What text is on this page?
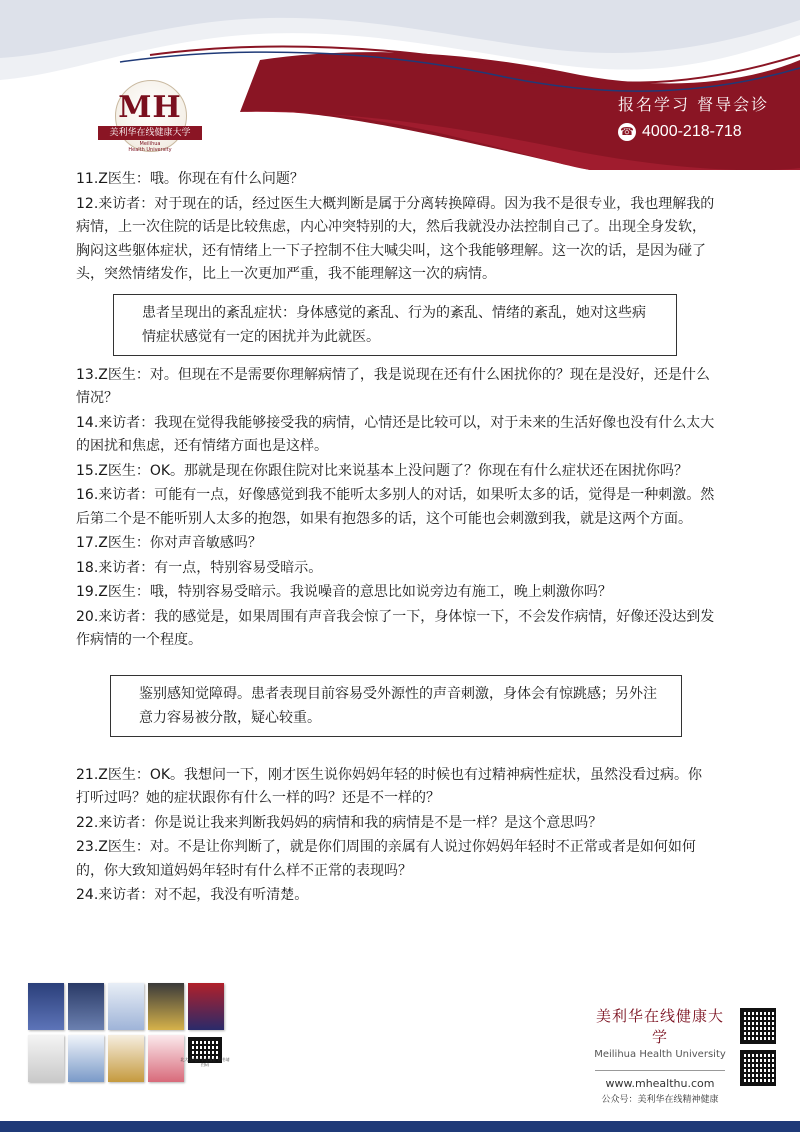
MH
美利华在线健康大学
Meilihua
Health University
报名学习 督导会诊
☎ 4000-218-718

11.Z医生：哦。你现在有什么问题？

12.来访者：对于现在的话，经过医生大概判断是属于分离转换障碍。因为我不是很专业，我也理解我的病情，上一次住院的话是比较焦虑，内心冲突特别的大，然后我就没办法控制自己了。出现全身发软，胸闷这些躯体症状，还有情绪上一下子控制不住大喊尖叫，这个我能够理解。这一次的话，是因为碰了头，突然情绪发作，比上一次更加严重，我不能理解这一次的病情。

患者呈现出的紊乱症状：身体感觉的紊乱、行为的紊乱、情绪的紊乱，她对这些病情症状感觉有一定的困扰并为此就医。

13.Z医生：对。但现在不是需要你理解病情了，我是说现在还有什么困扰你的？现在是没好，还是什么情况？

14.来访者：我现在觉得我能够接受我的病情，心情还是比较可以，对于未来的生活好像也没有什么太大的困扰和焦虑，还有情绪方面也是这样。

15.Z医生：OK。那就是现在你跟住院对比来说基本上没问题了？你现在有什么症状还在困扰你吗？

16.来访者：可能有一点，好像感觉到我不能听太多别人的对话，如果听太多的话，觉得是一种刺激。然后第二个是不能听别人太多的抱怨，如果有抱怨多的话，这个可能也会刺激到我，就是这两个方面。

17.Z医生：你对声音敏感吗？

18.来访者：有一点，特别容易受暗示。

19.Z医生：哦，特别容易受暗示。我说噪音的意思比如说旁边有施工，晚上刺激你吗？

20.来访者：我的感觉是，如果周围有声音我会惊了一下，身体惊一下，不会发作病情，好像还没达到发作病情的一个程度。

鉴别感知觉障碍。患者表现目前容易受外源性的声音刺激，身体会有惊跳感；另外注意力容易被分散，疑心较重。

21.Z医生：OK。我想问一下，刚才医生说你妈妈年轻的时候也有过精神病性症状，虽然没看过病。你打听过吗？她的症状跟你有什么一样的吗？还是不一样的？

22.来访者：你是说让我来判断我妈妈的病情和我的病情是不是一样？是这个意思吗？

23.Z医生：对。不是让你判断了，就是你们周围的亲属有人说过你妈妈年轻时不正常或者是如何如何的，你大致知道妈妈年轻时有什么样不正常的表现吗？

24.来访者：对不起，我没有听清楚。

北大医院医学出版社 购书请扫码
美利华在线健康大学
Meilihua Health University
www.mhealthu.com
公众号：美利华在线精神健康
